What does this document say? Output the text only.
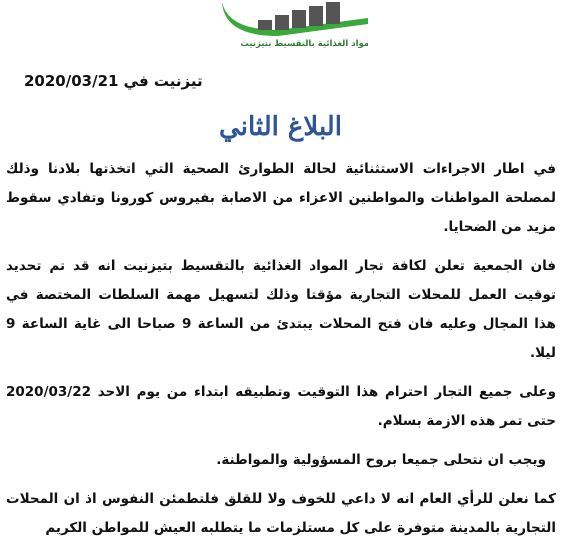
المواد الغذائية بالتقسيط بتيزنيت
تيزنيت في 2020/03/21
البلاغ الثاني

في اطار الاجراءات الاستثنائية لحالة الطوارئ الصحية التي اتخذتها بلادنا وذلك لمصلحة المواطنات والمواطنين الاعزاء من الاصابة بفيروس كورونا وتفادي سقوط مزيد من الضحايا.

فان الجمعية تعلن لكافة تجار المواد الغذائية بالتقسيط بتيزنيت انه قد تم تحديد توقيت العمل للمحلات التجارية مؤقتا وذلك لتسهيل مهمة السلطات المختصة في هذا المجال وعليه فان فتح المحلات يبتدئ من الساعة 9 صباحا الى غاية الساعة 9 ليلا.

وعلى جميع التجار احترام هذا التوقيت وتطبيقه ابتداء من يوم الاحد 2020/03/22 حتى تمر هذه الازمة بسلام.

ويجب ان نتحلى جميعا بروح المسؤولية والمواطنة.

كما نعلن للرأي العام انه لا داعي للخوف ولا للقلق فلتطمئن النفوس اذ ان المحلات التجارية بالمدينة متوفرة على كل مستلزمات ما يتطلبه العيش للمواطن الكريم
